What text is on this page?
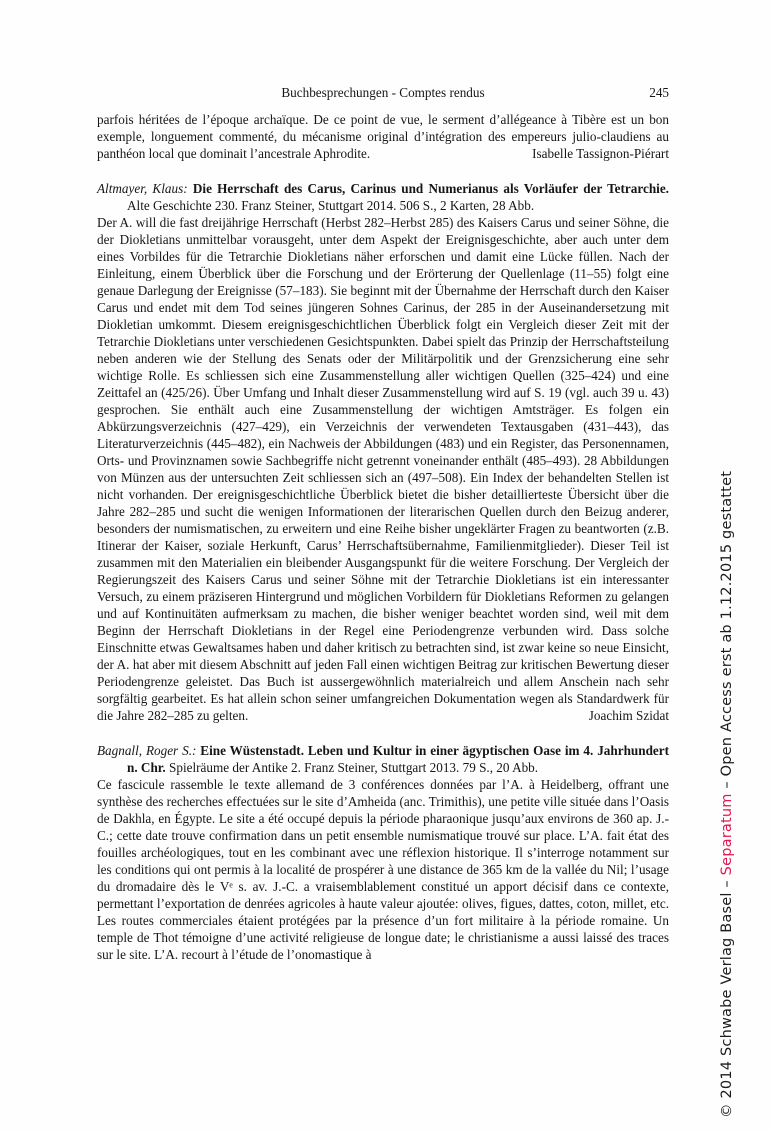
Buchbesprechungen - Comptes rendus	245

parfois héritées de l’époque archaïque. De ce point de vue, le serment d’allégeance à Tibère est un bon exemple, longuement commenté, du mécanisme original d’intégration des empereurs julio-claudiens au panthéon local que dominait l’ancestrale Aphrodite.	Isabelle Tassignon-Piérart

Altmayer, Klaus: Die Herrschaft des Carus, Carinus und Numerianus als Vorläufer der Tetrarchie. Alte Geschichte 230. Franz Steiner, Stuttgart 2014. 506 S., 2 Karten, 28 Abb.

Der A. will die fast dreijährige Herrschaft (Herbst 282–Herbst 285) des Kaisers Carus und seiner Söhne, die der Diokletians unmittelbar vorausgeht, unter dem Aspekt der Ereignisgeschichte, aber auch unter dem eines Vorbildes für die Tetrarchie Diokletians näher erforschen und damit eine Lücke füllen. Nach der Einleitung, einem Überblick über die Forschung und der Erörterung der Quellenlage (11–55) folgt eine genaue Darlegung der Ereignisse (57–183). Sie beginnt mit der Übernahme der Herrschaft durch den Kaiser Carus und endet mit dem Tod seines jüngeren Sohnes Carinus, der 285 in der Auseinandersetzung mit Diokletian umkommt. Diesem ereignisgeschichtlichen Überblick folgt ein Vergleich dieser Zeit mit der Tetrarchie Diokletians unter verschiedenen Gesichtspunkten. Dabei spielt das Prinzip der Herrschaftsteilung neben anderen wie der Stellung des Senats oder der Militärpolitik und der Grenzsicherung eine sehr wichtige Rolle. Es schliessen sich eine Zusammenstellung aller wichtigen Quellen (325–424) und eine Zeittafel an (425/26). Über Umfang und Inhalt dieser Zusammenstellung wird auf S. 19 (vgl. auch 39 u. 43) gesprochen. Sie enthält auch eine Zusammenstellung der wichtigen Amtsträger. Es folgen ein Abkürzungsverzeichnis (427–429), ein Verzeichnis der verwendeten Textausgaben (431–443), das Literaturverzeichnis (445–482), ein Nachweis der Abbildungen (483) und ein Register, das Personennamen, Orts- und Provinznamen sowie Sachbegriffe nicht getrennt voneinander enthält (485–493). 28 Abbildungen von Münzen aus der untersuchten Zeit schliessen sich an (497–508). Ein Index der behandelten Stellen ist nicht vorhanden. Der ereignisgeschichtliche Überblick bietet die bisher detaillierteste Übersicht über die Jahre 282–285 und sucht die wenigen Informationen der literarischen Quellen durch den Beizug anderer, besonders der numismatischen, zu erweitern und eine Reihe bisher ungeklärter Fragen zu beantworten (z.B. Itinerar der Kaiser, soziale Herkunft, Carus’ Herrschaftsübernahme, Familienmitglieder). Dieser Teil ist zusammen mit den Materialien ein bleibender Ausgangspunkt für die weitere Forschung. Der Vergleich der Regierungszeit des Kaisers Carus und seiner Söhne mit der Tetrarchie Diokletians ist ein interessanter Versuch, zu einem präziseren Hintergrund und möglichen Vorbildern für Diokletians Reformen zu gelangen und auf Kontinuitäten aufmerksam zu machen, die bisher weniger beachtet worden sind, weil mit dem Beginn der Herrschaft Diokletians in der Regel eine Periodengrenze verbunden wird. Dass solche Einschnitte etwas Gewaltsames haben und daher kritisch zu betrachten sind, ist zwar keine so neue Einsicht, der A. hat aber mit diesem Abschnitt auf jeden Fall einen wichtigen Beitrag zur kritischen Bewertung dieser Periodengrenze geleistet. Das Buch ist aussergewöhnlich materialreich und allem Anschein nach sehr sorgfältig gearbeitet. Es hat allein schon seiner umfangreichen Dokumentation wegen als Standardwerk für die Jahre 282–285 zu gelten.	Joachim Szidat

Bagnall, Roger S.: Eine Wüstenstadt. Leben und Kultur in einer ägyptischen Oase im 4. Jahrhundert n. Chr. Spielräume der Antike 2. Franz Steiner, Stuttgart 2013. 79 S., 20 Abb.

Ce fascicule rassemble le texte allemand de 3 conférences données par l’A. à Heidelberg, offrant une synthèse des recherches effectuées sur le site d’Amheida (anc. Trimithis), une petite ville située dans l’Oasis de Dakhla, en Égypte. Le site a été occupé depuis la période pharaonique jusqu’aux environs de 360 ap. J.-C.; cette date trouve confirmation dans un petit ensemble numismatique trouvé sur place. L’A. fait état des fouilles archéologiques, tout en les combinant avec une réflexion historique. Il s’interroge notamment sur les conditions qui ont permis à la localité de prospérer à une distance de 365 km de la vallée du Nil; l’usage du dromadaire dès le Vᵉ s. av. J.-C. a vraisemblablement constitué un apport décisif dans ce contexte, permettant l’exportation de denrées agricoles à haute valeur ajoutée: olives, figues, dattes, coton, millet, etc. Les routes commerciales étaient protégées par la présence d’un fort militaire à la période romaine. Un temple de Thot témoigne d’une activité religieuse de longue date; le christianisme a aussi laissé des traces sur le site. L’A. recourt à l’étude de l’onomastique à	© 2014 Schwabe Verlag Basel – Separatum – Open Access erst ab 1.12.2015 gestattet
